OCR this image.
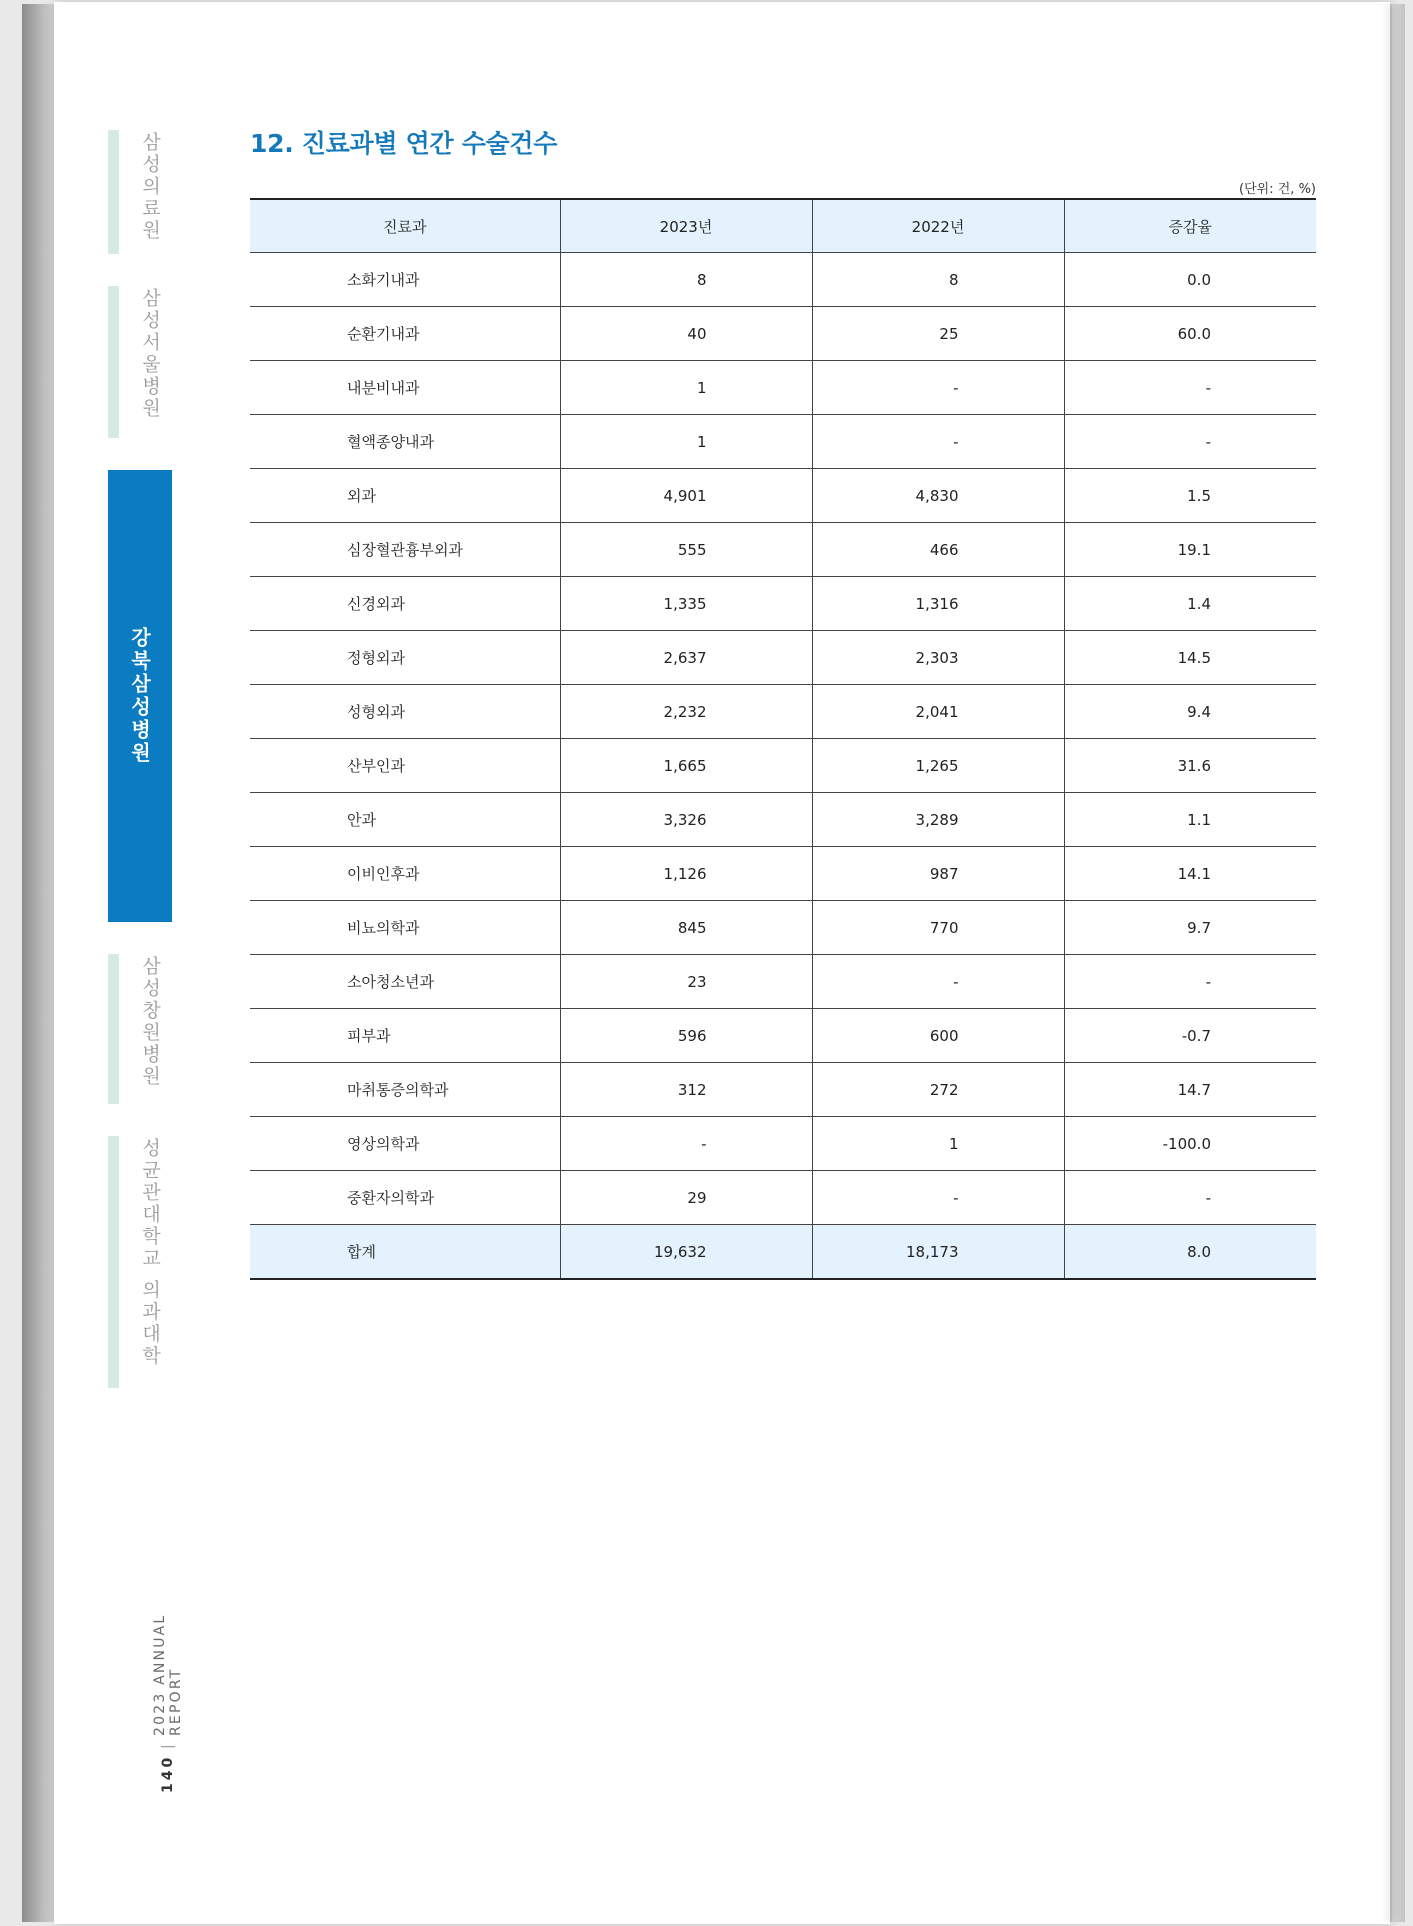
삼성의료원
삼성서울병원
강북삼성병원
삼성창원병원
성균관대학교 의과대학
140
|
2023 ANNUAL REPORT
12. 진료과별 연간 수술건수
(단위: 건, %)
진료과	2023년	2022년	증감율
소화기내과	8	8	0.0
순환기내과	40	25	60.0
내분비내과	1	-	-
혈액종양내과	1	-	-
외과	4,901	4,830	1.5
심장혈관흉부외과	555	466	19.1
신경외과	1,335	1,316	1.4
정형외과	2,637	2,303	14.5
성형외과	2,232	2,041	9.4
산부인과	1,665	1,265	31.6
안과	3,326	3,289	1.1
이비인후과	1,126	987	14.1
비뇨의학과	845	770	9.7
소아청소년과	23	-	-
피부과	596	600	-0.7
마취통증의학과	312	272	14.7
영상의학과	-	1	-100.0
중환자의학과	29	-	-
합계	19,632	18,173	8.0
